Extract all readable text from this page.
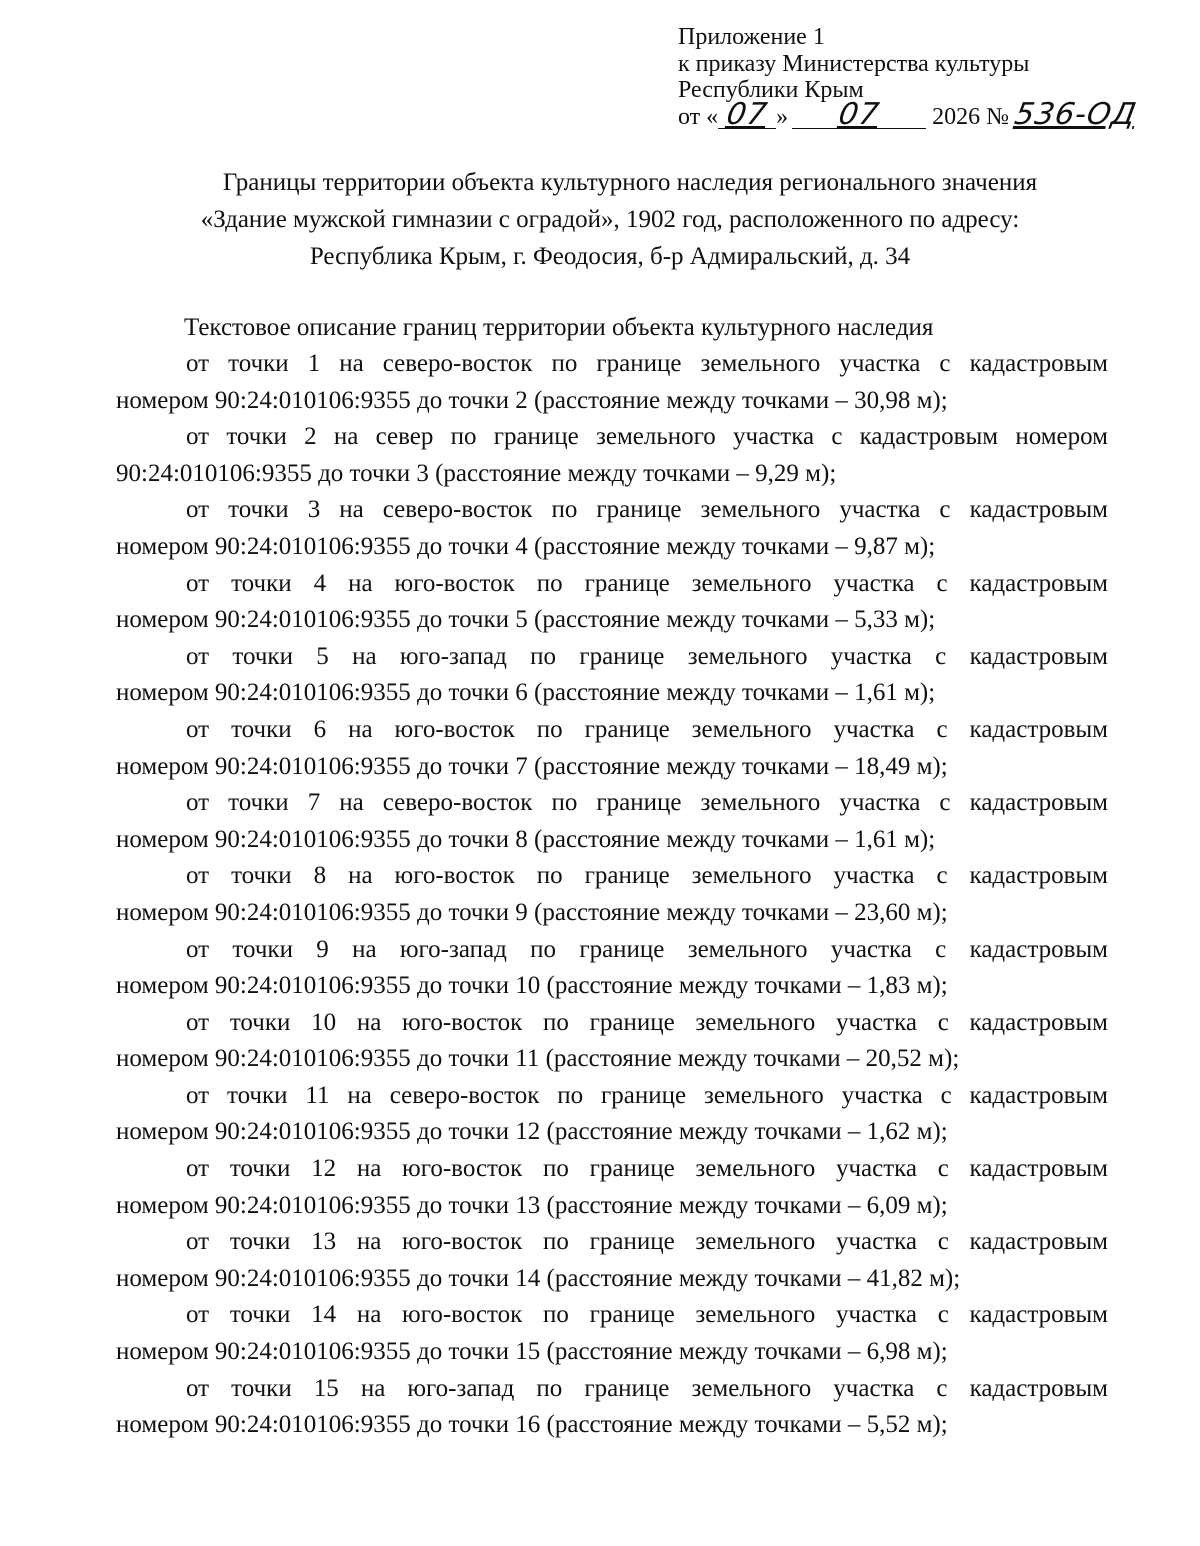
Приложение 1
к приказу Министерства культуры
Республики Крым
от « 07 » 07 2026 № 536-ОД
Границы территории объекта культурного наследия регионального значения
«Здание мужской гимназии с оградой», 1902 год, расположенного по адресу:
Республика Крым, г. Феодосия, б-р Адмиральский, д. 34
Текстовое описание границ территории объекта культурного наследия

от точки 1 на северо-восток по границе земельного участка с кадастровым
номером 90:24:010106:9355 до точки 2 (расстояние между точками – 30,98 м);

от точки 2 на север по границе земельного участка с кадастровым номером
90:24:010106:9355 до точки 3 (расстояние между точками – 9,29 м);

от точки 3 на северо-восток по границе земельного участка с кадастровым
номером 90:24:010106:9355 до точки 4 (расстояние между точками – 9,87 м);

от точки 4 на юго-восток по границе земельного участка с кадастровым
номером 90:24:010106:9355 до точки 5 (расстояние между точками – 5,33 м);

от точки 5 на юго-запад по границе земельного участка с кадастровым
номером 90:24:010106:9355 до точки 6 (расстояние между точками – 1,61 м);

от точки 6 на юго-восток по границе земельного участка с кадастровым
номером 90:24:010106:9355 до точки 7 (расстояние между точками – 18,49 м);

от точки 7 на северо-восток по границе земельного участка с кадастровым
номером 90:24:010106:9355 до точки 8 (расстояние между точками – 1,61 м);

от точки 8 на юго-восток по границе земельного участка с кадастровым
номером 90:24:010106:9355 до точки 9 (расстояние между точками – 23,60 м);

от точки 9 на юго-запад по границе земельного участка с кадастровым
номером 90:24:010106:9355 до точки 10 (расстояние между точками – 1,83 м);

от точки 10 на юго-восток по границе земельного участка с кадастровым
номером 90:24:010106:9355 до точки 11 (расстояние между точками – 20,52 м);

от точки 11 на северо-восток по границе земельного участка с кадастровым
номером 90:24:010106:9355 до точки 12 (расстояние между точками – 1,62 м);

от точки 12 на юго-восток по границе земельного участка с кадастровым
номером 90:24:010106:9355 до точки 13 (расстояние между точками – 6,09 м);

от точки 13 на юго-восток по границе земельного участка с кадастровым
номером 90:24:010106:9355 до точки 14 (расстояние между точками – 41,82 м);

от точки 14 на юго-восток по границе земельного участка с кадастровым
номером 90:24:010106:9355 до точки 15 (расстояние между точками – 6,98 м);

от точки 15 на юго-запад по границе земельного участка с кадастровым
номером 90:24:010106:9355 до точки 16 (расстояние между точками – 5,52 м);
